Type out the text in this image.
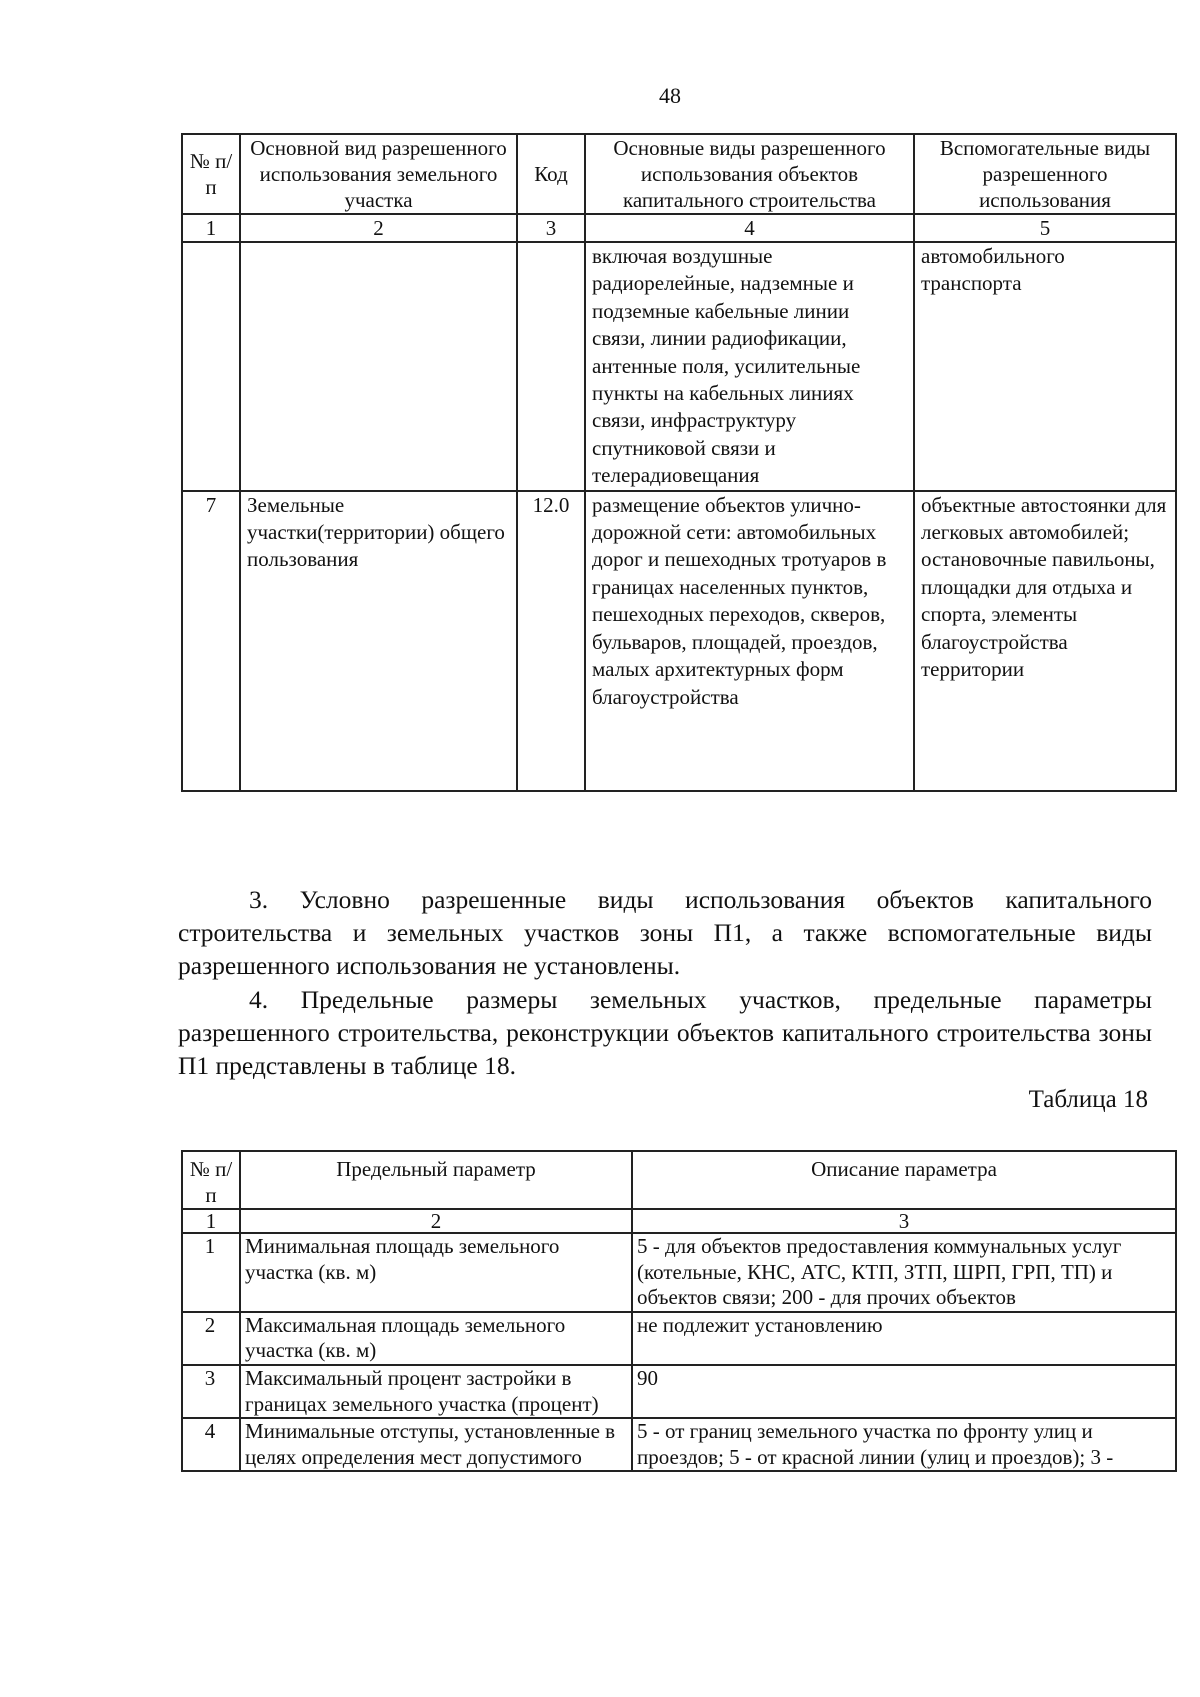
48
№ п/п	Основной вид разрешенного использования земельного участка	Код	Основные виды разрешенного использования объектов капитального строительства	Вспомогательные виды разрешенного использования
1	2	3	4	5
			включая воздушные радиорелейные, надземные и подземные кабельные линии связи, линии радиофикации, антенные поля, усилительные пункты на кабельных линиях связи, инфраструктуру спутниковой связи и телерадиовещания	автомобильного транспорта
7	Земельные участки(территории) общего пользования	12.0	размещение объектов улично-дорожной сети: автомобильных дорог и пешеходных тротуаров в границах населенных пунктов, пешеходных переходов, скверов, бульваров, площадей, проездов, малых архитектурных форм благоустройства	объектные автостоянки для легковых автомобилей; остановочные павильоны, площадки для отдыха и спорта, элементы благоустройства территории

3. Условно разрешенные виды использования объектов капитального строительства и земельных участков зоны П1, а также вспомогательные виды разрешенного использования не установлены.

4. Предельные размеры земельных участков, предельные параметры разрешенного строительства, реконструкции объектов капитального строительства зоны П1 представлены в таблице 18.

Таблица 18
№ п/п	Предельный параметр	Описание параметра
1	2	3
1	Минимальная площадь земельного участка (кв. м)	5 - для объектов предоставления коммунальных услуг (котельные, КНС, АТС, КТП, ЗТП, ШРП, ГРП, ТП) и объектов связи; 200 - для прочих объектов
2	Максимальная площадь земельного участка (кв. м)	не подлежит установлению
3	Максимальный процент застройки в границах земельного участка (процент)	90
4	Минимальные отступы, установленные в целях определения мест допустимого	5 - от границ земельного участка по фронту улиц и проездов; 5 - от красной линии (улиц и проездов); 3 -
